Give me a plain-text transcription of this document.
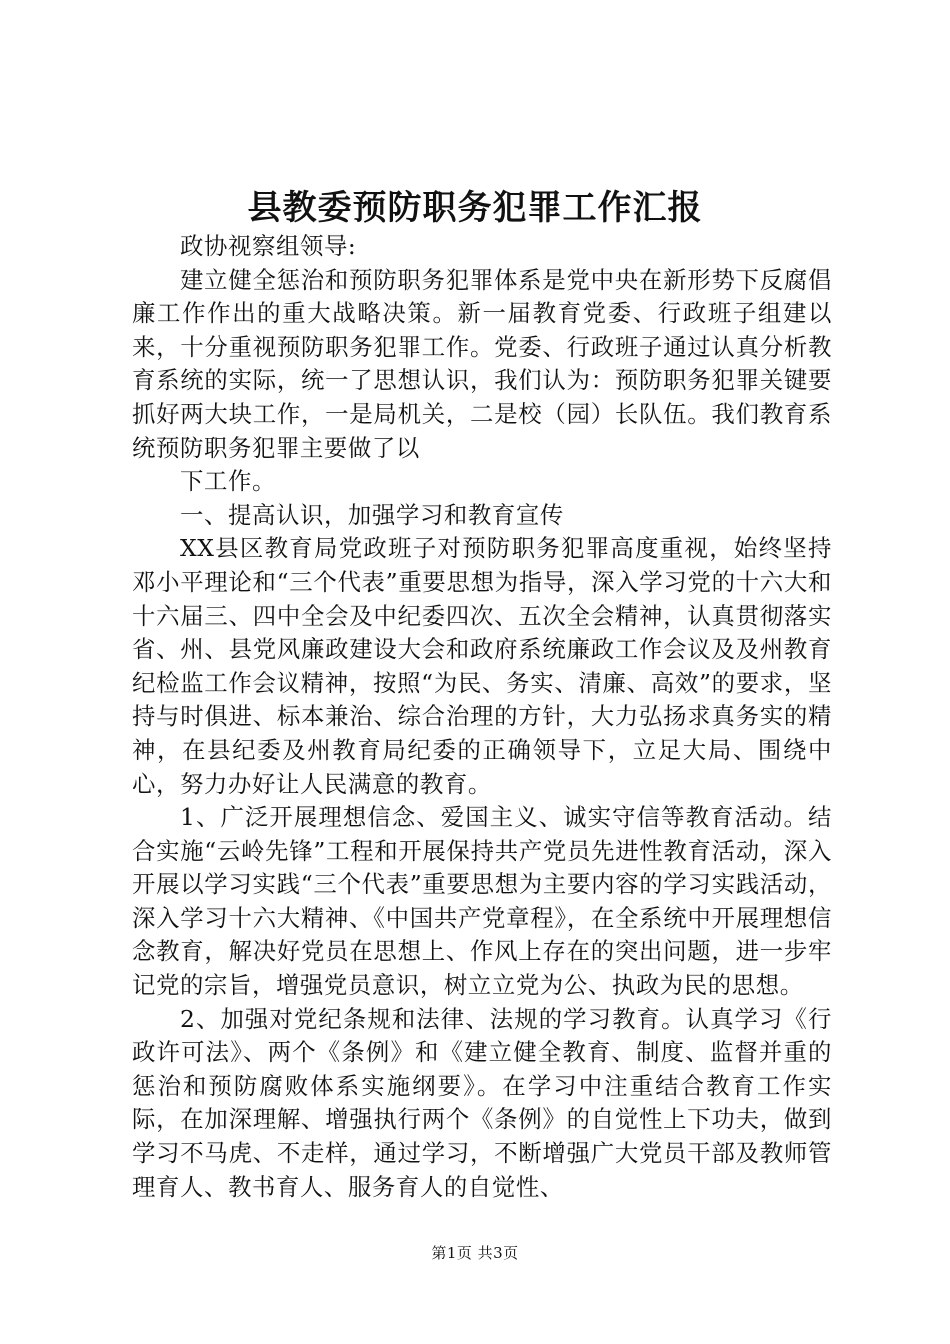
县教委预防职务犯罪工作汇报

政协视察组领导:

建立健全惩治和预防职务犯罪体系是党中央在新形势下反腐倡廉工作作出的重大战略决策。新一届教育党委、行政班子组建以来，十分重视预防职务犯罪工作。党委、行政班子通过认真分析教育系统的实际，统一了思想认识，我们认为：预防职务犯罪关键要抓好两大块工作，一是局机关，二是校（园）长队伍。我们教育系统预防职务犯罪主要做了以

下工作。

一、提高认识，加强学习和教育宣传

XX县区教育局党政班子对预防职务犯罪高度重视，始终坚持邓小平理论和“三个代表”重要思想为指导，深入学习党的十六大和十六届三、四中全会及中纪委四次、五次全会精神，认真贯彻落实省、州、县党风廉政建设大会和政府系统廉政工作会议及及州教育纪检监工作会议精神，按照“为民、务实、清廉、高效”的要求，坚持与时俱进、标本兼治、综合治理的方针，大力弘扬求真务实的精神，在县纪委及州教育局纪委的正确领导下，立足大局、围绕中心，努力办好让人民满意的教育。

1、广泛开展理想信念、爱国主义、诚实守信等教育活动。结合实施“云岭先锋”工程和开展保持共产党员先进性教育活动，深入开展以学习实践“三个代表”重要思想为主要内容的学习实践活动，深入学习十六大精神、《中国共产党章程》，在全系统中开展理想信念教育，解决好党员在思想上、作风上存在的突出问题，进一步牢记党的宗旨，增强党员意识，树立立党为公、执政为民的思想。

2、加强对党纪条规和法律、法规的学习教育。认真学习《行政许可法》、两个《条例》和《建立健全教育、制度、监督并重的惩治和预防腐败体系实施纲要》。在学习中注重结合教育工作实际，在加深理解、增强执行两个《条例》的自觉性上下功夫，做到学习不马虎、不走样，通过学习，不断增强广大党员干部及教师管理育人、教书育人、服务育人的自觉性、

第1页 共3页
